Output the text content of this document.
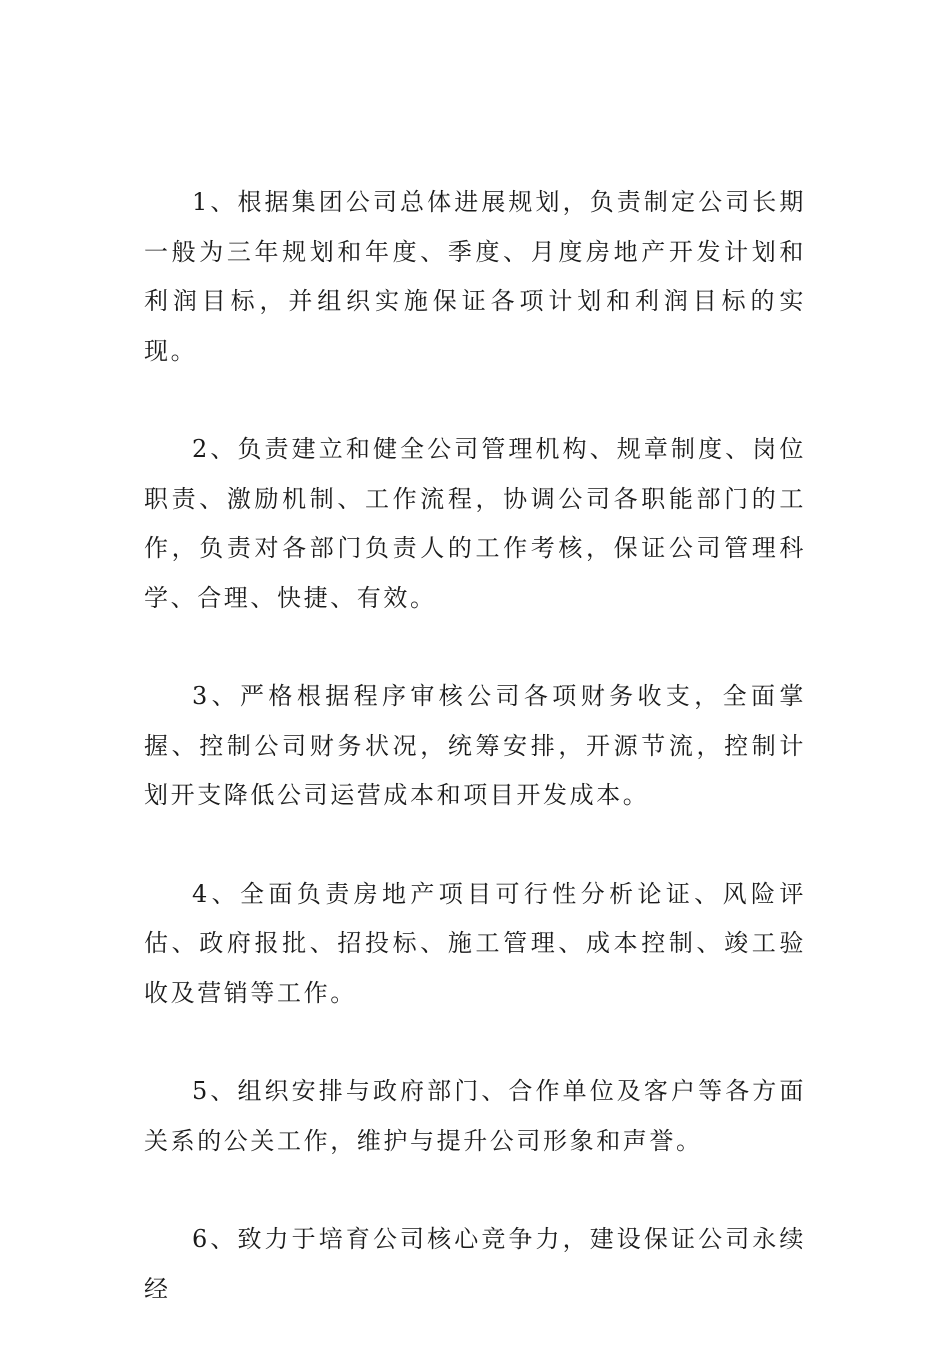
1、根据集团公司总体进展规划，负责制定公司长期一般为三年规划和年度、季度、月度房地产开发计划和利润目标，并组织实施保证各项计划和利润目标的实现。

2、负责建立和健全公司管理机构、规章制度、岗位职责、激励机制、工作流程，协调公司各职能部门的工作，负责对各部门负责人的工作考核，保证公司管理科学、合理、快捷、有效。

3、严格根据程序审核公司各项财务收支，全面掌握、控制公司财务状况，统筹安排，开源节流，控制计划开支降低公司运营成本和项目开发成本。

4、全面负责房地产项目可行性分析论证、风险评估、政府报批、招投标、施工管理、成本控制、竣工验收及营销等工作。

5、组织安排与政府部门、合作单位及客户等各方面关系的公关工作，维护与提升公司形象和声誉。

6、致力于培育公司核心竞争力，建设保证公司永续经
